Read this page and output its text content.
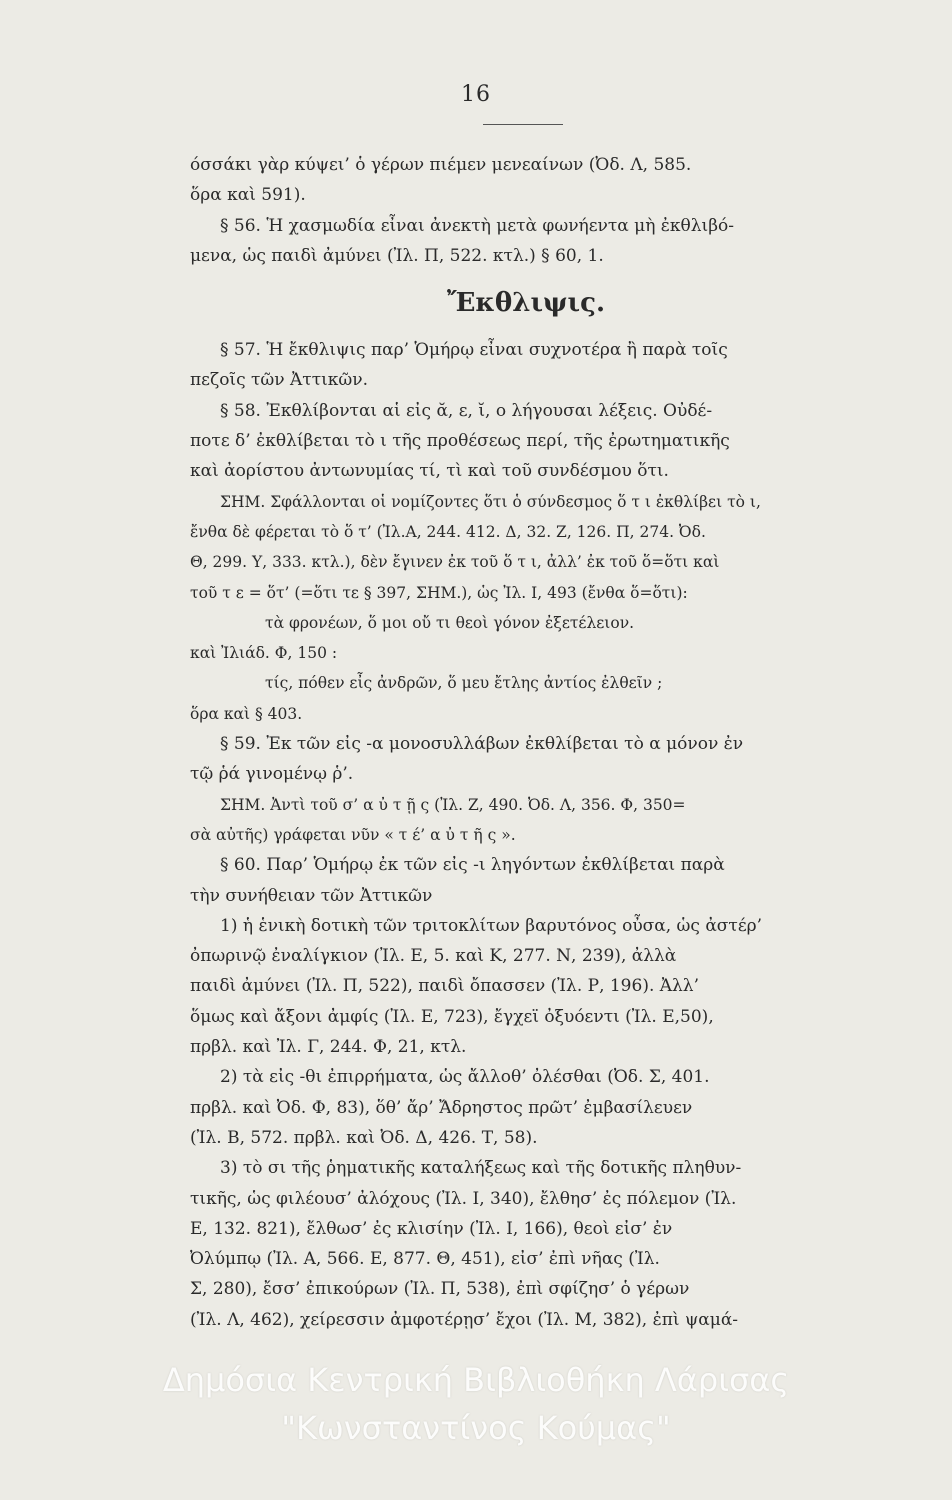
16
όσσάκι γὰρ κύψει’ ὁ γέρων πιέμεν μενεαίνων (Ὀδ. Λ, 585.
ὅρα καὶ 591).
§ 56. Ἡ χασμωδία εἶναι ἀνεκτὴ μετὰ φωνήεντα μὴ ἐκθλιβό-
μενα, ὡς παιδὶ ἀμύνει (Ἰλ. Π, 522. κτλ.) § 60, 1.
Ἔκθλιψις.
§ 57. Ἡ ἔκθλιψις παρ’ Ὁμήρῳ εἶναι συχνοτέρα ἢ παρὰ τοῖς
πεζοῖς τῶν Ἀττικῶν.
§ 58. Ἐκθλίβονται αἱ εἰς ᾰ, ε, ῐ, ο λήγουσαι λέξεις. Οὐδέ-
ποτε δ’ ἐκθλίβεται τὸ ι τῆς προθέσεως περί, τῆς ἐρωτηματικῆς
καὶ ἀορίστου ἀντωνυμίας τί, τὶ καὶ τοῦ συνδέσμου ὅτι.
ΣΗΜ. Σφάλλονται οἱ νομίζοντες ὅτι ὁ σύνδεσμος ὅ τ ι ἐκθλίβει τὸ ι,
ἔνθα δὲ φέρεται τὸ ὅ τ’ (Ἰλ.Α, 244. 412. Δ, 32. Ζ, 126. Π, 274. Ὀδ.
Θ, 299. Υ, 333. κτλ.), δὲν ἔγινεν ἐκ τοῦ ὅ τ ι, ἀλλ’ ἐκ τοῦ ὅ=ὅτι καὶ
τοῦ τ ε = ὅτ’ (=ὅτι τε § 397, ΣΗΜ.), ὡς Ἰλ. Ι, 493 (ἔνθα ὅ=ὅτι):
τὰ φρονέων, ὅ μοι οὔ τι θεοὶ γόνον ἐξετέλειον.
καὶ Ἰλιάδ. Φ, 150 :
τίς, πόθεν εἶς ἀνδρῶν, ὅ μευ ἔτλης ἀντίος ἐλθεῖν ;
ὅρα καὶ § 403.
§ 59. Ἐκ τῶν εἰς -α μονοσυλλάβων ἐκθλίβεται τὸ α μόνον ἐν
τῷ ῥά γινομένῳ ῥ’.
ΣΗΜ. Ἀντὶ τοῦ σ’ α ὐ τ ῇ ς (Ἰλ. Ζ, 490. Ὀδ. Λ, 356. Φ, 350=
σὰ αὐτῆς) γράφεται νῦν « τ έ’ α ὐ τ ῆ ς ».
§ 60. Παρ’ Ὁμήρῳ ἐκ τῶν εἰς -ι ληγόντων ἐκθλίβεται παρὰ
τὴν συνήθειαν τῶν Ἀττικῶν
1) ἡ ἑνικὴ δοτικὴ τῶν τριτοκλίτων βαρυτόνος οὖσα, ὡς ἀστέρ’
ὀπωρινῷ ἐναλίγκιον (Ἰλ. Ε, 5. καὶ Κ, 277. Ν, 239), ἀλλὰ
παιδὶ ἀμύνει (Ἰλ. Π, 522), παιδὶ ὄπασσεν (Ἰλ. Ρ, 196). Ἀλλ’
ὅμως καὶ ἄξονι ἀμφίς (Ἰλ. Ε, 723), ἔγχεϊ ὀξυόεντι (Ἰλ. Ε,50),
πρβλ. καὶ Ἰλ. Γ, 244. Φ, 21, κτλ.
2) τὰ εἰς -θι ἐπιρρήματα, ὡς ἄλλοθ’ ὀλέσθαι (Ὀδ. Σ, 401.
πρβλ. καὶ Ὀδ. Φ, 83), ὅθ’ ἄρ’ Ἄδρηστος πρῶτ’ ἐμβασίλευεν
(Ἰλ. Β, 572. πρβλ. καὶ Ὀδ. Δ, 426. Τ, 58).
3) τὸ σι τῆς ῥηματικῆς καταλήξεως καὶ τῆς δοτικῆς πληθυν-
τικῆς, ὡς φιλέουσ’ ἀλόχους (Ἰλ. Ι, 340), ἔλθησ’ ἐς πόλεμον (Ἰλ.
Ε, 132. 821), ἔλθωσ’ ἐς κλισίην (Ἰλ. Ι, 166), θεοὶ εἰσ’ ἐν
Ὀλύμπῳ (Ἰλ. Α, 566. Ε, 877. Θ, 451), εἰσ’ ἐπὶ νῆας (Ἰλ.
Σ, 280), ἔσσ’ ἐπικούρων (Ἰλ. Π, 538), ἐπὶ σφίζησ’ ὁ γέρων
(Ἰλ. Λ, 462), χείρεσσιν ἀμφοτέρῃσ’ ἔχοι (Ἰλ. Μ, 382), ἐπὶ ψαμά-
Δημόσια Κεντρική Βιβλιοθήκη Λάρισας
"Κωνσταντίνος Κούμας"
